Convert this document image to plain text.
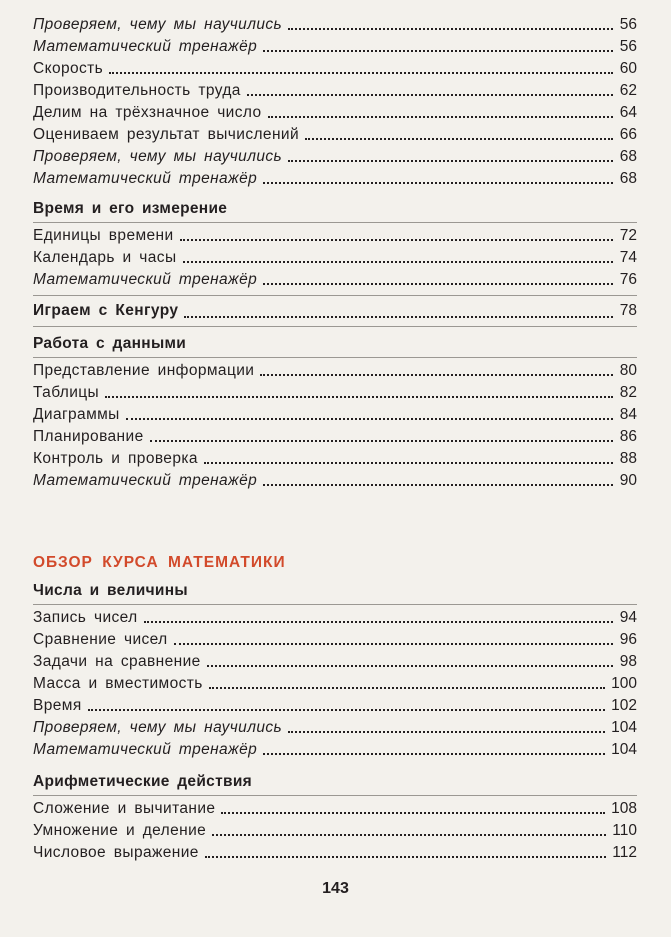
Проверяем, чему мы научились	56
Математический тренажёр	56
Скорость	60
Производительность труда	62
Делим на трёхзначное число	64
Оцениваем результат вычислений	66
Проверяем, чему мы научились	68
Математический тренажёр	68
Время и его измерение
Единицы времени	72
Календарь и часы	74
Математический тренажёр	76
Играем с Кенгуру	78
Работа с данными
Представление информации	80
Таблицы	82
Диаграммы	84
Планирование	86
Контроль и проверка	88
Математический тренажёр	90
ОБЗОР КУРСА МАТЕМАТИКИ
Числа и величины
Запись чисел	94
Сравнение чисел	96
Задачи на сравнение	98
Масса и вместимость	100
Время	102
Проверяем, чему мы научились	104
Математический тренажёр	104
Арифметические действия
Сложение и вычитание	108
Умножение и деление	110
Числовое выражение	112
143
